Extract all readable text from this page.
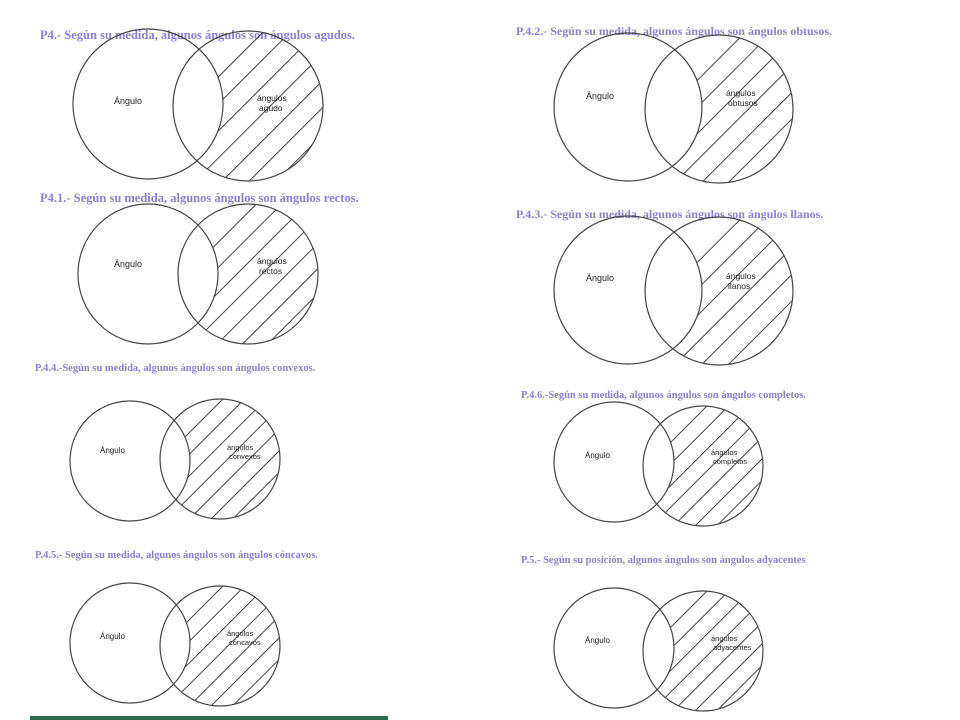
P4.- Según su medida, algunos ángulos son ángulos agudos.
Ángulo	ángulos
agudo
P.4.2.- Según su medida, algunos ángulos son ángulos obtusos.
Ángulo	ángulos
obtusos
P4.1.- Según su medida, algunos ángulos son ángulos rectos.
Ángulo	ángulos
rectos
P.4.3.- Según su medida, algunos ángulos son ángulos llanos.
Ángulo	ángulos
llanos
P.4.4.-Según su medida, algunos ángulos son ángulos convexos.
Ángulo	ángulos
convexos
P.4.6.-Según su medida, algunos ángulos son ángulos completos.
Ángulo	ángulos
completos
P.4.5.- Según su medida, algunos ángulos son ángulos cóncavos.
Ángulo	ángulos
cóncavos
P.5.- Según su posición, algunos ángulos son ángulos adyacentes
Ángulo	ángulos
adyacentes
